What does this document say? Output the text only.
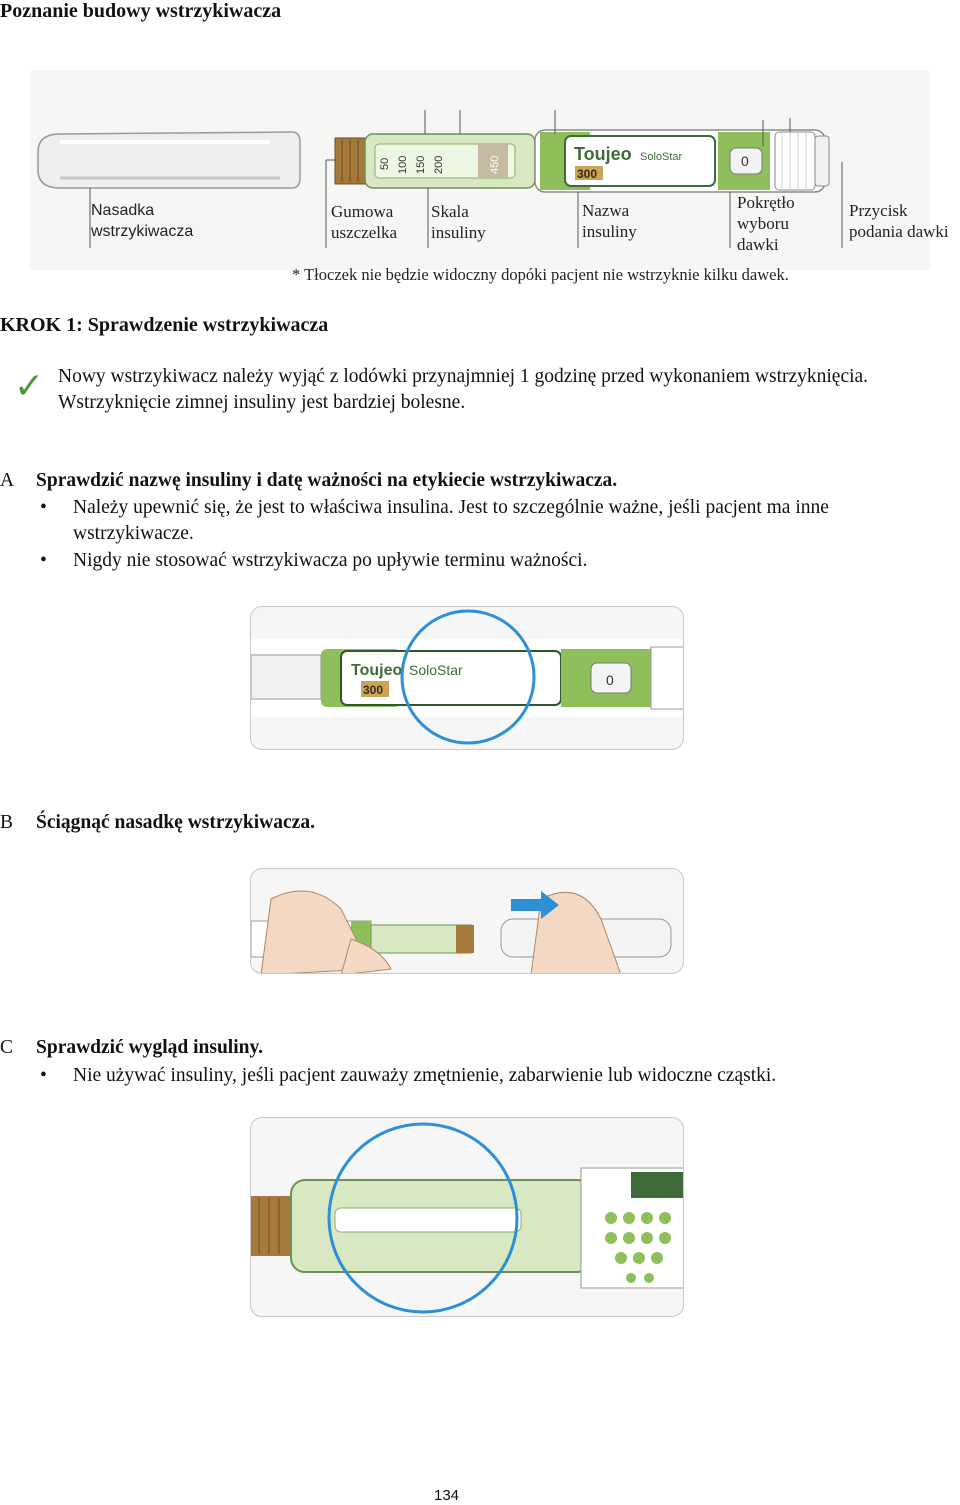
Poznanie budowy wstrzykiwacza
50 100 150 200	450
Toujeo SoloStar
300
0
Nasadka
wstrzykiwacza
Gumowa
uszczelka
Skala
insuliny
Nazwa
insuliny
Pokrętło
wyboru
dawki
Przycisk
podania dawki
* Tłoczek nie będzie widoczny dopóki pacjent nie wstrzyknie kilku dawek.
KROK 1: Sprawdzenie wstrzykiwacza
✓ Nowy wstrzykiwacz należy wyjąć z lodówki przynajmniej 1 godzinę przed wykonaniem wstrzyknięcia. Wstrzyknięcie zimnej insuliny jest bardziej bolesne.
A Sprawdzić nazwę insuliny i datę ważności na etykiecie wstrzykiwacza.
• Należy upewnić się, że jest to właściwa insulina. Jest to szczególnie ważne, jeśli pacjent ma inne wstrzykiwacze.
• Nigdy nie stosować wstrzykiwacza po upływie terminu ważności.
Toujeo SoloStar
300
0
B Ściągnąć nasadkę wstrzykiwacza.
C Sprawdzić wygląd insuliny.
• Nie używać insuliny, jeśli pacjent zauważy zmętnienie, zabarwienie lub widoczne cząstki.
134
